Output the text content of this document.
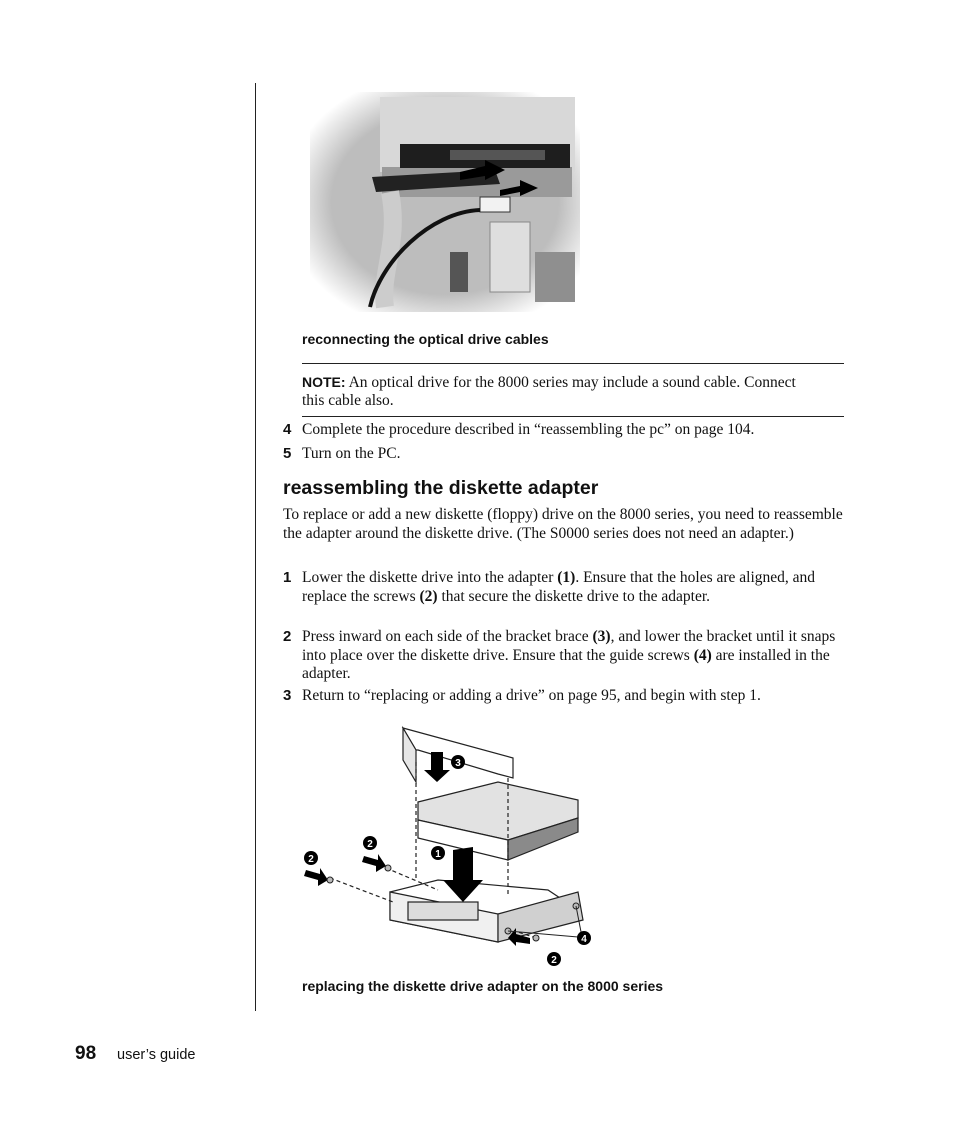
reconnecting the optical drive cables
NOTE: An optical drive for the 8000 series may include a sound cable. Connect this cable also.
4 Complete the procedure described in “reassembling the pc” on page 104.
5 Turn on the PC.
reassembling the diskette adapter
To replace or add a new diskette (floppy) drive on the 8000 series, you need to reassemble the adapter around the diskette drive. (The S0000 series does not need an adapter.)
1 Lower the diskette drive into the adapter (1). Ensure that the holes are aligned, and replace the screws (2) that secure the diskette drive to the adapter.
2 Press inward on each side of the bracket brace (3), and lower the bracket until it snaps into place over the diskette drive. Ensure that the guide screws (4) are installed in the adapter.
3 Return to “replacing or adding a drive” on page 95, and begin with step 1.
3
2
2	1
4
2
replacing the diskette drive adapter on the 8000 series
98 user’s guide
